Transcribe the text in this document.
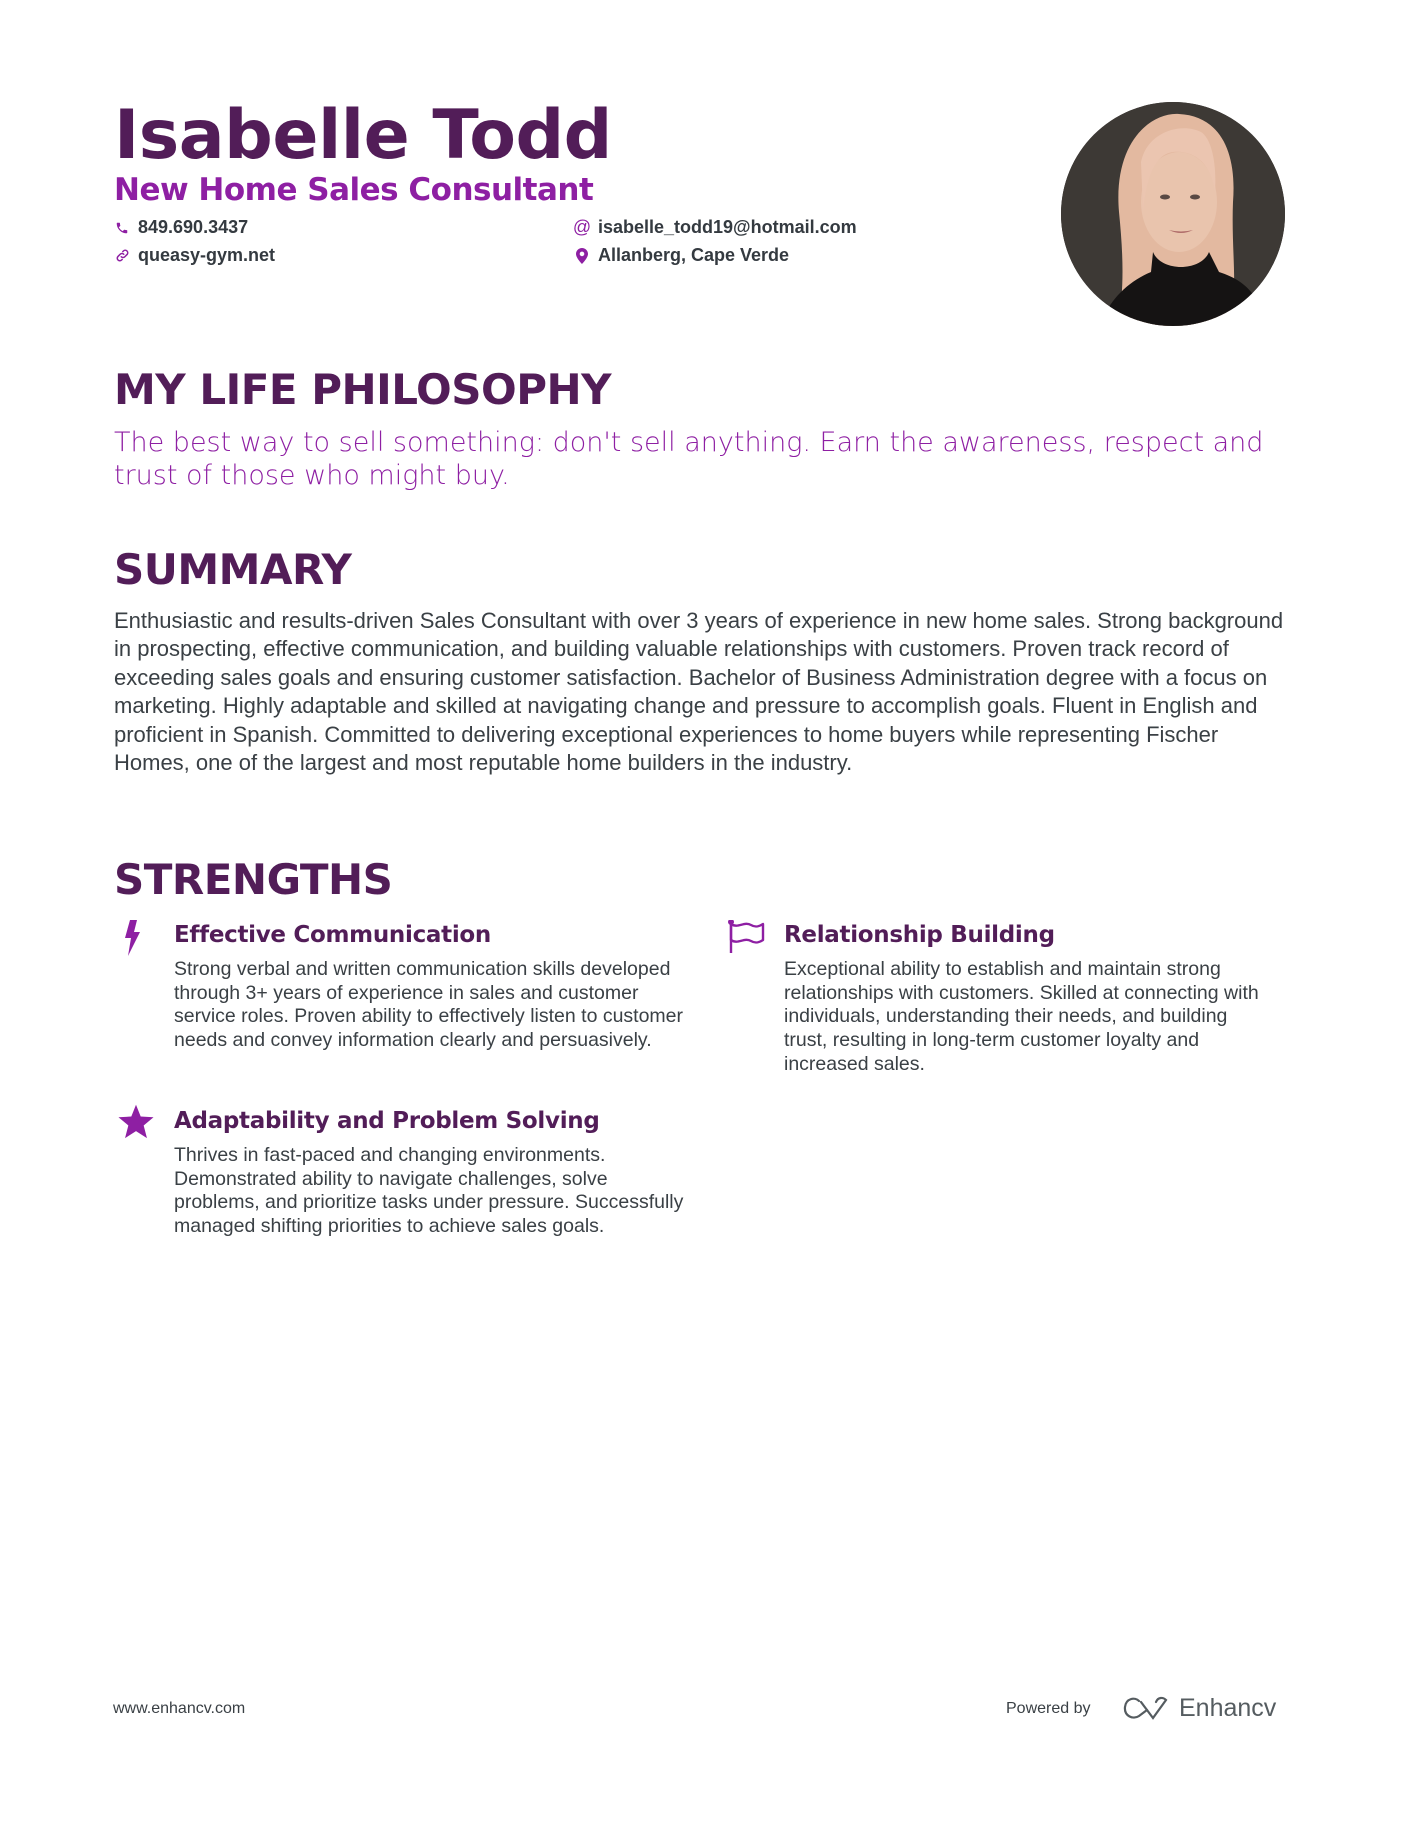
Isabelle Todd
New Home Sales Consultant
849.690.3437	@ isabelle_todd19@hotmail.com
queasy-gym.net	Allanberg, Cape Verde
MY LIFE PHILOSOPHY
The best way to sell something: don't sell anything. Earn the awareness, respect and trust of those who might buy.
SUMMARY
Enthusiastic and results-driven Sales Consultant with over 3 years of experience in new home sales. Strong background in prospecting, effective communication, and building valuable relationships with customers. Proven track record of exceeding sales goals and ensuring customer satisfaction. Bachelor of Business Administration degree with a focus on marketing. Highly adaptable and skilled at navigating change and pressure to accomplish goals. Fluent in English and proficient in Spanish. Committed to delivering exceptional experiences to home buyers while representing Fischer Homes, one of the largest and most reputable home builders in the industry.
STRENGTHS
Effective Communication
Strong verbal and written communication skills developed through 3+ years of experience in sales and customer service roles. Proven ability to effectively listen to customer needs and convey information clearly and persuasively.
Relationship Building
Exceptional ability to establish and maintain strong relationships with customers. Skilled at connecting with individuals, understanding their needs, and building trust, resulting in long-term customer loyalty and increased sales.
Adaptability and Problem Solving
Thrives in fast-paced and changing environments. Demonstrated ability to navigate challenges, solve problems, and prioritize tasks under pressure. Successfully managed shifting priorities to achieve sales goals.
www.enhancv.com	Powered by	Enhancv
